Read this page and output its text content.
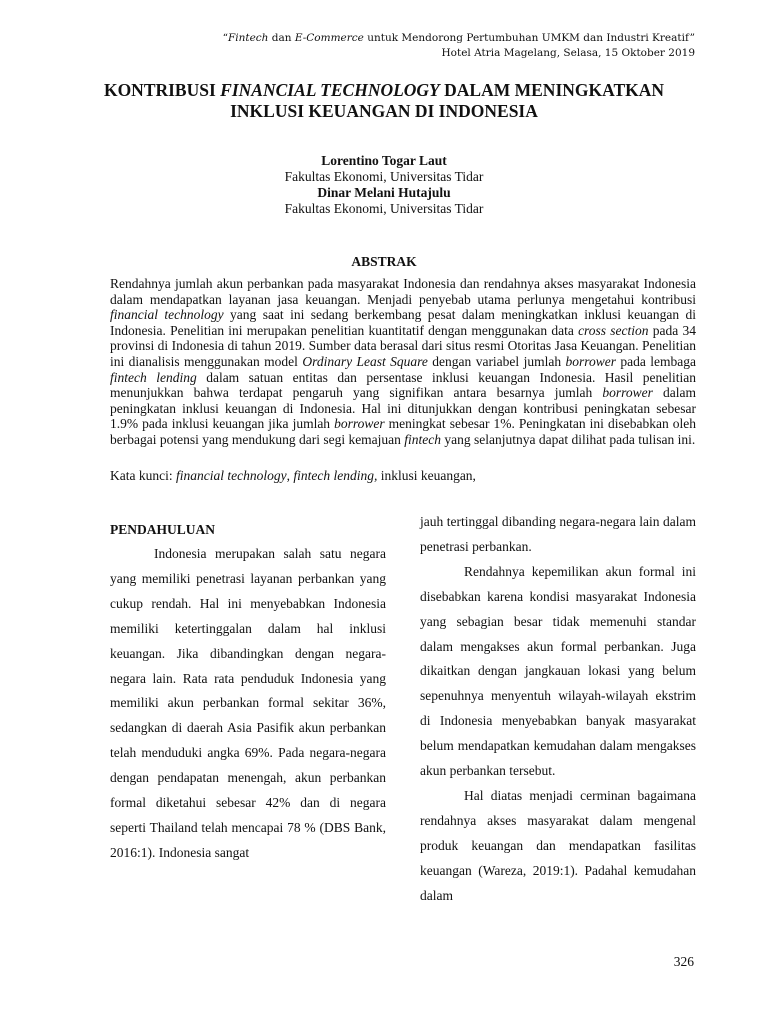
“Fintech dan E-Commerce untuk Mendorong Pertumbuhan UMKM dan Industri Kreatif”
Hotel Atria Magelang, Selasa, 15 Oktober 2019
KONTRIBUSI FINANCIAL TECHNOLOGY DALAM MENINGKATKAN
INKLUSI KEUANGAN DI INDONESIA
Lorentino Togar Laut
Fakultas Ekonomi, Universitas Tidar
Dinar Melani Hutajulu
Fakultas Ekonomi, Universitas Tidar
ABSTRAK
Rendahnya jumlah akun perbankan pada masyarakat Indonesia dan rendahnya akses masyarakat Indonesia dalam mendapatkan layanan jasa keuangan. Menjadi penyebab utama perlunya mengetahui kontribusi financial technology yang saat ini sedang berkembang pesat dalam meningkatkan inklusi keuangan di Indonesia. Penelitian ini merupakan penelitian kuantitatif dengan menggunakan data cross section pada 34 provinsi di Indonesia di tahun 2019. Sumber data berasal dari situs resmi Otoritas Jasa Keuangan. Penelitian ini dianalisis menggunakan model Ordinary Least Square dengan variabel jumlah borrower pada lembaga fintech lending dalam satuan entitas dan persentase inklusi keuangan Indonesia. Hasil penelitian menunjukkan bahwa terdapat pengaruh yang signifikan antara besarnya jumlah borrower dalam peningkatan inklusi keuangan di Indonesia. Hal ini ditunjukkan dengan kontribusi peningkatan sebesar 1.9% pada inklusi keuangan jika jumlah borrower meningkat sebesar 1%. Peningkatan ini disebabkan oleh berbagai potensi yang mendukung dari segi kemajuan fintech yang selanjutnya dapat dilihat pada tulisan ini.
Kata kunci: financial technology, fintech lending, inklusi keuangan,

PENDAHULUAN

Indonesia merupakan salah satu negara yang memiliki penetrasi layanan perbankan yang cukup rendah. Hal ini menyebabkan Indonesia memiliki ketertinggalan dalam hal inklusi keuangan. Jika dibandingkan dengan negara-negara lain. Rata rata penduduk Indonesia yang memiliki akun perbankan formal sekitar 36%, sedangkan di daerah Asia Pasifik akun perbankan telah menduduki angka 69%. Pada negara-negara dengan pendapatan menengah, akun perbankan formal diketahui sebesar 42% dan di negara seperti Thailand telah mencapai 78 % (DBS Bank, 2016:1). Indonesia sangat

jauh tertinggal dibanding negara-negara lain dalam penetrasi perbankan.

Rendahnya kepemilikan akun formal ini disebabkan karena kondisi masyarakat Indonesia yang sebagian besar tidak memenuhi standar dalam mengakses akun formal perbankan. Juga dikaitkan dengan jangkauan lokasi yang belum sepenuhnya menyentuh wilayah-wilayah ekstrim di Indonesia menyebabkan banyak masyarakat belum mendapatkan kemudahan dalam mengakses akun perbankan tersebut.

Hal diatas menjadi cerminan bagaimana rendahnya akses masyarakat dalam mengenal produk keuangan dan mendapatkan fasilitas keuangan (Wareza, 2019:1). Padahal kemudahan dalam

326
